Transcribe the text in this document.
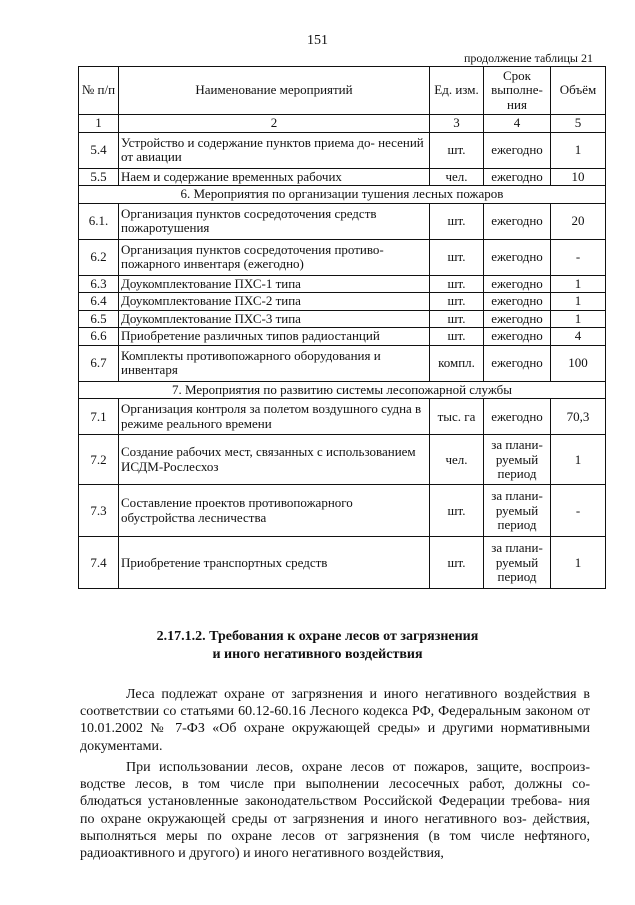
151
продолжение таблицы 21
№ п/п	Наименование мероприятий	Ед. изм.	Срок выполне- ния	Объём
1	2	3	4	5
5.4	Устройство и содержание пунктов приема до- несений от авиации	шт.	ежегодно	1
5.5	Наем и содержание временных рабочих	чел.	ежегодно	10
6. Мероприятия по организации тушения лесных пожаров				
6.1.	Организация пунктов сосредоточения средств пожаротушения	шт.	ежегодно	20
6.2	Организация пунктов сосредоточения противо- пожарного инвентаря (ежегодно)	шт.	ежегодно	-
6.3	Доукомплектование ПХС-1 типа	шт.	ежегодно	1
6.4	Доукомплектование ПХС-2 типа	шт.	ежегодно	1
6.5	Доукомплектование ПХС-3 типа	шт.	ежегодно	1
6.6	Приобретение различных типов радиостанций	шт.	ежегодно	4
6.7	Комплекты противопожарного оборудования и инвентаря	компл.	ежегодно	100
7. Мероприятия по развитию системы лесопожарной службы				
7.1	Организация контроля за полетом воздушного судна в режиме реального времени	тыс. га	ежегодно	70,3
7.2	Создание рабочих мест, связанных с использованием ИСДМ-Рослесхоз	чел.	за плани- руемый период	1
7.3	Составление проектов противопожарного обустройства лесничества	шт.	за плани- руемый период	-
7.4	Приобретение транспортных средств	шт.	за плани- руемый период	1
2.17.1.2. Требования к охране лесов от загрязнения
и иного негативного воздействия

Леса подлежат охране от загрязнения и иного негативного воздействия в соответствии со статьями 60.12-60.16 Лесного кодекса РФ, Федеральным законом от 10.01.2002 № 7-ФЗ «Об охране окружающей среды» и другими нормативными документами.

При использовании лесов, охране лесов от пожаров, защите, воспроиз- водстве лесов, в том числе при выполнении лесосечных работ, должны со- блюдаться установленные законодательством Российской Федерации требова- ния по охране окружающей среды от загрязнения и иного негативного воз- действия, выполняться меры по охране лесов от загрязнения (в том числе нефтяного, радиоактивного и другого) и иного негативного воздействия,
